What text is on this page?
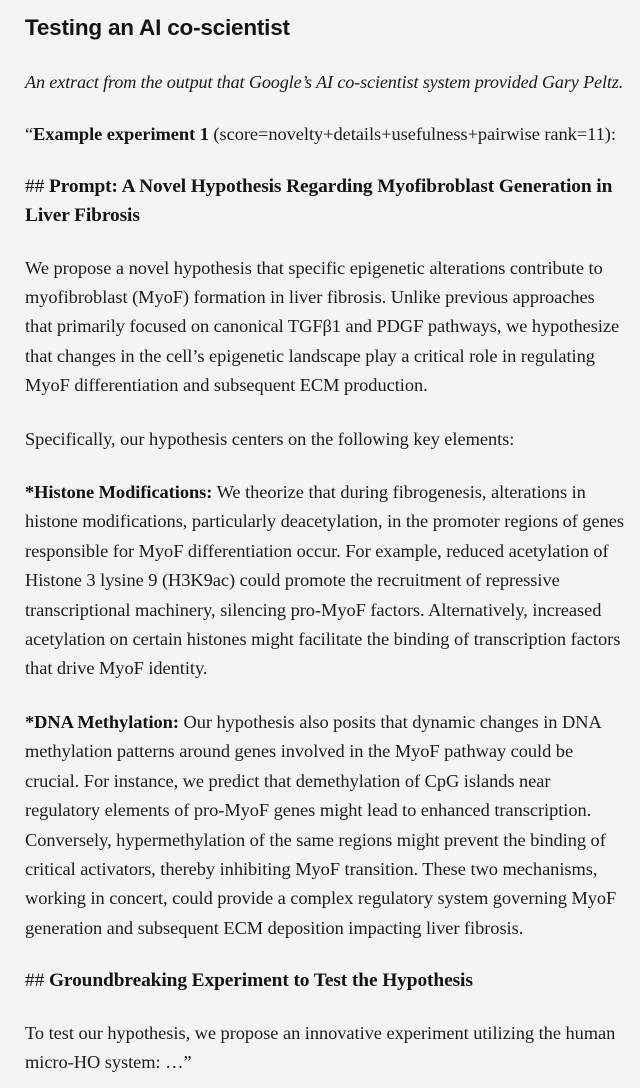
Testing an AI co-scientist

An extract from the output that Google’s AI co-scientist system provided Gary Peltz.

“Example experiment 1 (score=novelty+details+usefulness+pairwise rank=11):

## Prompt: A Novel Hypothesis Regarding Myofibroblast Generation in Liver Fibrosis

We propose a novel hypothesis that specific epigenetic alterations contribute to myofibroblast (MyoF) formation in liver fibrosis. Unlike previous approaches that primarily focused on canonical TGFβ1 and PDGF pathways, we hypothesize that changes in the cell’s epigenetic landscape play a critical role in regulating MyoF differentiation and subsequent ECM production.

Specifically, our hypothesis centers on the following key elements:

*Histone Modifications: We theorize that during fibrogenesis, alterations in histone modifications, particularly deacetylation, in the promoter regions of genes responsible for MyoF differentiation occur. For example, reduced acetylation of Histone 3 lysine 9 (H3K9ac) could promote the recruitment of repressive transcriptional machinery, silencing pro-MyoF factors. Alternatively, increased acetylation on certain histones might facilitate the binding of transcription factors that drive MyoF identity.

*DNA Methylation: Our hypothesis also posits that dynamic changes in DNA methylation patterns around genes involved in the MyoF pathway could be crucial. For instance, we predict that demethylation of CpG islands near regulatory elements of pro-MyoF genes might lead to enhanced transcription. Conversely, hypermethylation of the same regions might prevent the binding of critical activators, thereby inhibiting MyoF transition. These two mechanisms, working in concert, could provide a complex regulatory system governing MyoF generation and subsequent ECM deposition impacting liver fibrosis.

## Groundbreaking Experiment to Test the Hypothesis

To test our hypothesis, we propose an innovative experiment utilizing the human micro-HO system: …”
